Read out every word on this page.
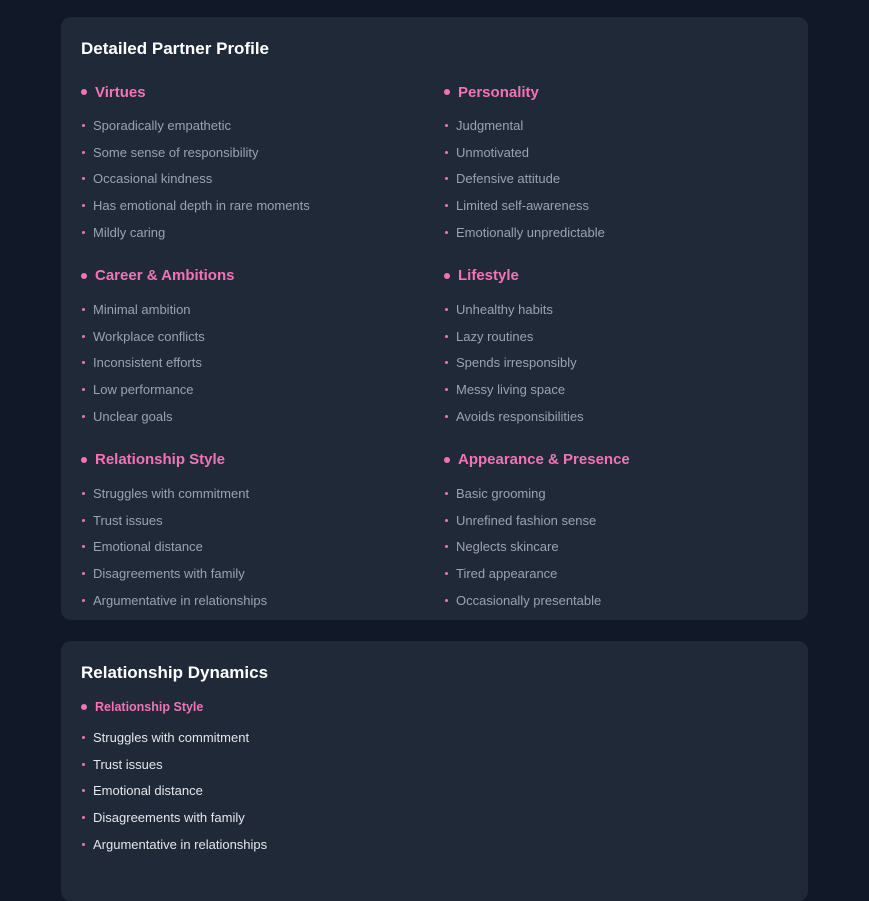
Detailed Partner Profile
Virtues
Sporadically empathetic
Some sense of responsibility
Occasional kindness
Has emotional depth in rare moments
Mildly caring
Personality
Judgmental
Unmotivated
Defensive attitude
Limited self-awareness
Emotionally unpredictable
Career & Ambitions
Minimal ambition
Workplace conflicts
Inconsistent efforts
Low performance
Unclear goals
Lifestyle
Unhealthy habits
Lazy routines
Spends irresponsibly
Messy living space
Avoids responsibilities
Relationship Style
Struggles with commitment
Trust issues
Emotional distance
Disagreements with family
Argumentative in relationships
Appearance & Presence
Basic grooming
Unrefined fashion sense
Neglects skincare
Tired appearance
Occasionally presentable
Relationship Dynamics
Relationship Style
Struggles with commitment
Trust issues
Emotional distance
Disagreements with family
Argumentative in relationships
